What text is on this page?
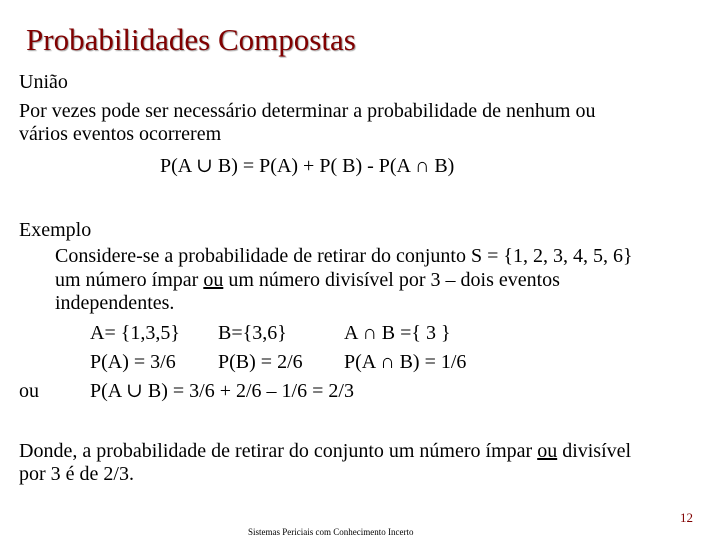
Probabilidades Compostas
União
Por vezes pode ser necessário determinar a probabilidade de nenhum ou
vários eventos ocorrerem
P(A ∪ B) = P(A) + P( B) - P(A ∩ B)
Exemplo
Considere-se a probabilidade de retirar do conjunto S = {1, 2, 3, 4, 5, 6}
um número ímpar ou um número divisível por 3 – dois eventos
independentes.
A= {1,3,5} B={3,6}	A ∩ B ={ 3 }
P(A) = 3/6 P(B) = 2/6 P(A ∩ B) = 1/6
ou	P(A ∪ B) = 3/6 + 2/6 – 1/6 = 2/3
Donde, a probabilidade de retirar do conjunto um número ímpar ou divisível
por 3 é de 2/3.
12
Sistemas Periciais com Conhecimento Incerto
